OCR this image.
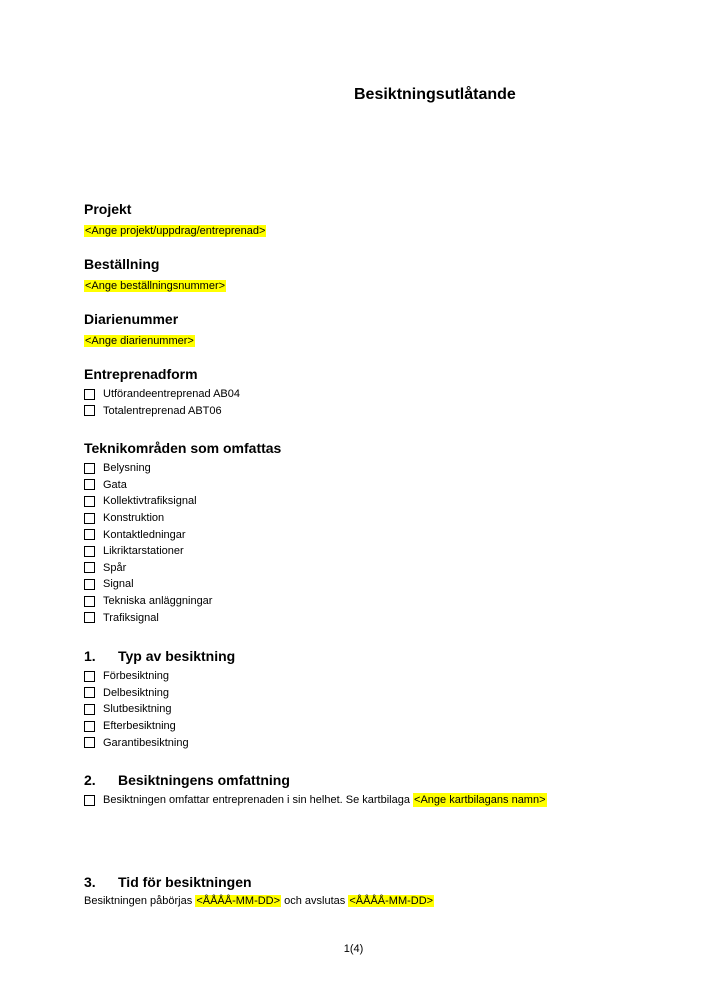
Besiktningsutlåtande
Projekt
<Ange projekt/uppdrag/entreprenad>
Beställning
<Ange beställningsnummer>
Diarienummer
<Ange diarienummer>
Entreprenadform
Utförandeentreprenad AB04
Totalentreprenad ABT06
Teknikområden som omfattas
Belysning
Gata
Kollektivtrafiksignal
Konstruktion
Kontaktledningar
Likriktarstationer
Spår
Signal
Tekniska anläggningar
Trafiksignal
1. Typ av besiktning
Förbesiktning
Delbesiktning
Slutbesiktning
Efterbesiktning
Garantibesiktning
2. Besiktningens omfattning
Besiktningen omfattar entreprenaden i sin helhet. Se kartbilaga
<Ange kartbilagans namn>
3. Tid för besiktningen
Besiktningen påbörjas <ÅÅÅÅ-MM-DD> och avslutas <ÅÅÅÅ-MM-DD>
1(4)
